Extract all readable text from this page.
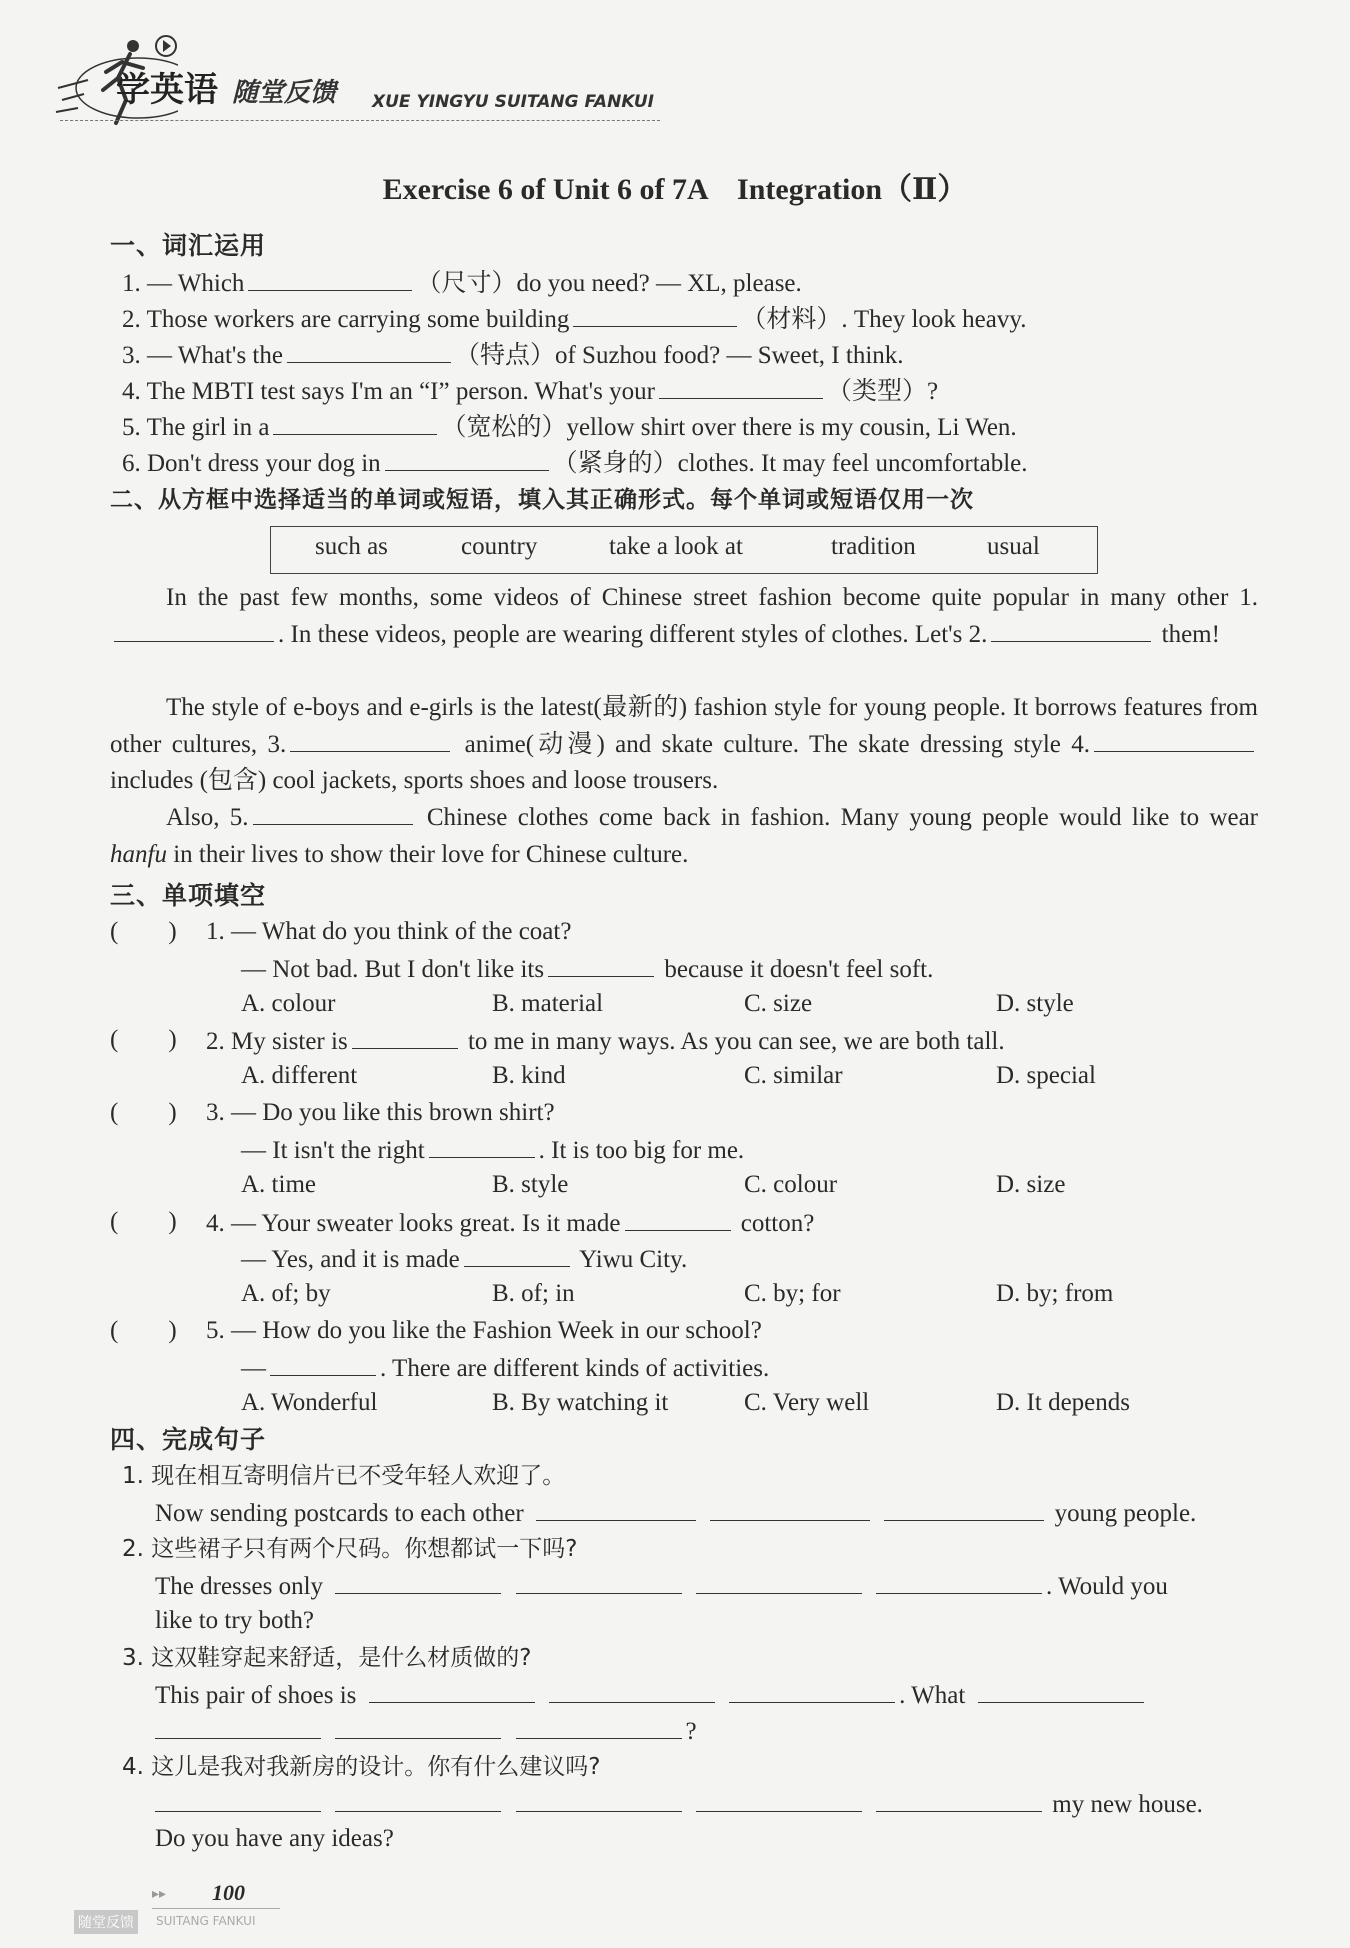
学英语 随堂反馈 XUE YINGYU SUITANG FANKUI
Exercise 6 of Unit 6 of 7A　Integration（Ⅱ）
一、词汇运用
1. — Which	（尺寸）do you need? — XL, please.
2. Those workers are carrying some building	（材料）. They look heavy.
3. — What's the	（特点）of Suzhou food? — Sweet, I think.
4. The MBTI test says I'm an “I” person. What's your	（类型）?
5. The girl in a	（宽松的）yellow shirt over there is my cousin, Li Wen.
6. Don't dress your dog in	（紧身的）clothes. It may feel uncomfortable.
二、从方框中选择适当的单词或短语，填入其正确形式。每个单词或短语仅用一次
such as	country	take a look at	tradition	usual
In the past few months, some videos of Chinese street fashion become quite popular in many other 1.. In these videos, people are wearing different styles of clothes. Let's 2.	them!
The style of e-boys and e-girls is the latest(最新的) fashion style for young people. It borrows features from other cultures, 3.	anime(动漫) and skate culture. The skate dressing style 4. includes (包含) cool jackets, sports shoes and loose trousers.
Also, 5.	Chinese clothes come back in fashion. Many young people would like to wear hanfu in their lives to show their love for Chinese culture.
三、单项填空
(　　) 1. — What do you think of the coat?
— Not bad. But I don't like its	because it doesn't feel soft.
A. colour	B. material	C. size	D. style
(　　) 2. My sister is	to me in many ways. As you can see, we are both tall.
A. different	B. kind	C. similar	D. special
(　　) 3. — Do you like this brown shirt?
— It isn't the right	. It is too big for me.
A. time	B. style	C. colour	D. size
(　　) 4. — Your sweater looks great. Is it made	cotton?
— Yes, and it is made	Yiwu City.
A. of; by	B. of; in	C. by; for	D. by; from
(　　) 5. — How do you like the Fashion Week in our school?
—	. There are different kinds of activities.
A. Wonderful	B. By watching it	C. Very well	D. It depends
四、完成句子
1. 现在相互寄明信片已不受年轻人欢迎了。
Now sending postcards to each other	young people.
2. 这些裙子只有两个尺码。你想都试一下吗?
The dresses only	. Would you
like to try both?
3. 这双鞋穿起来舒适，是什么材质做的?
This pair of shoes is	. What
?
4. 这儿是我对我新房的设计。你有什么建议吗?
my new house.
Do you have any ideas?
▸▸ 100
随堂反馈	SUITANG FANKUI
